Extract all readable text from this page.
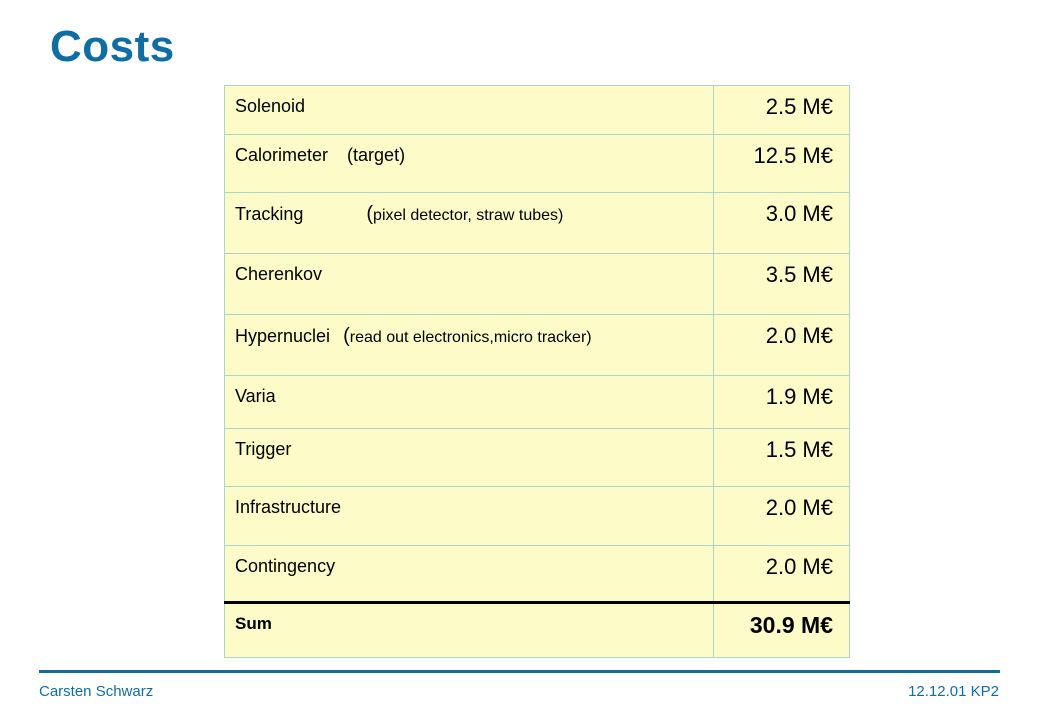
Costs
Solenoid	2.5 M€
Calorimeter (target)	12.5 M€
Tracking (pixel detector, straw tubes)	3.0 M€
Cherenkov	3.5 M€
Hypernuclei (read out electronics,micro tracker)	2.0 M€
Varia	1.9 M€
Trigger	1.5 M€
Infrastructure	2.0 M€
Contingency	2.0 M€
Sum	30.9 M€
Carsten Schwarz	12.12.01 KP2
